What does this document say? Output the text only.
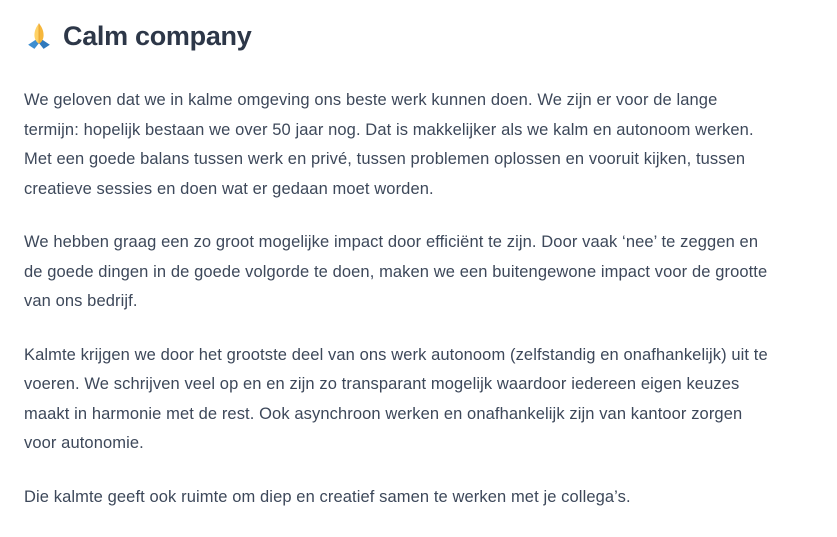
Calm company

We geloven dat we in kalme omgeving ons beste werk kunnen doen. We zijn er voor de lange termijn: hopelijk bestaan we over 50 jaar nog. Dat is makkelijker als we kalm en autonoom werken. Met een goede balans tussen werk en privé, tussen problemen oplossen en vooruit kijken, tussen creatieve sessies en doen wat er gedaan moet worden.

We hebben graag een zo groot mogelijke impact door efficiënt te zijn. Door vaak ‘nee’ te zeggen en de goede dingen in de goede volgorde te doen, maken we een buitengewone impact voor de grootte van ons bedrijf.

Kalmte krijgen we door het grootste deel van ons werk autonoom (zelfstandig en onafhankelijk) uit te voeren. We schrijven veel op en en zijn zo transparant mogelijk waardoor iedereen eigen keuzes maakt in harmonie met de rest. Ook asynchroon werken en onafhankelijk zijn van kantoor zorgen voor autonomie.

Die kalmte geeft ook ruimte om diep en creatief samen te werken met je collega’s.
